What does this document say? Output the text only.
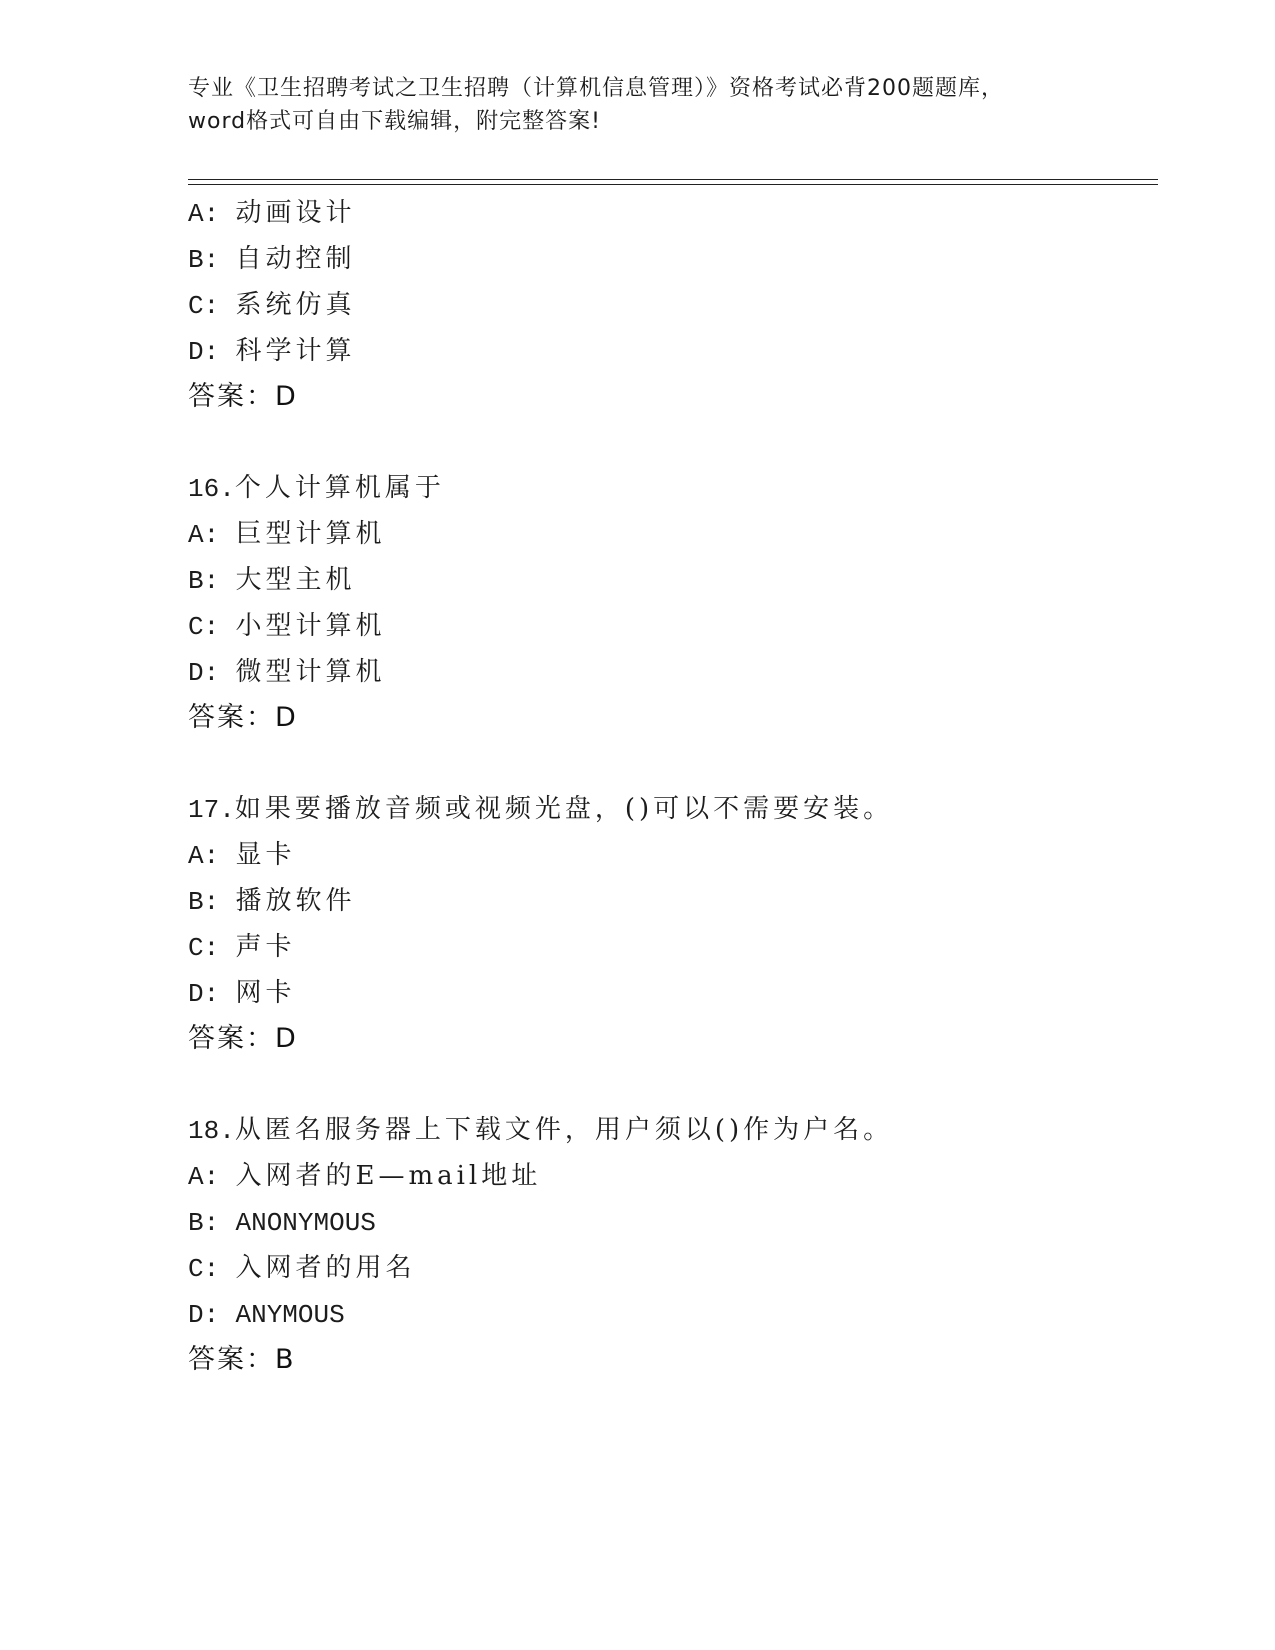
专业《卫生招聘考试之卫生招聘（计算机信息管理）》资格考试必背200题题库，
word格式可自由下载编辑，附完整答案!
A: 动画设计
B: 自动控制
C: 系统仿真
D: 科学计算
答案：D
16.个人计算机属于
A: 巨型计算机
B: 大型主机
C: 小型计算机
D: 微型计算机
答案：D
17.如果要播放音频或视频光盘，()可以不需要安装。
A: 显卡
B: 播放软件
C: 声卡
D: 网卡
答案：D
18.从匿名服务器上下载文件，用户须以()作为户名。
A: 入网者的E—mail地址
B: ANONYMOUS
C: 入网者的用名
D: ANYMOUS
答案：B
